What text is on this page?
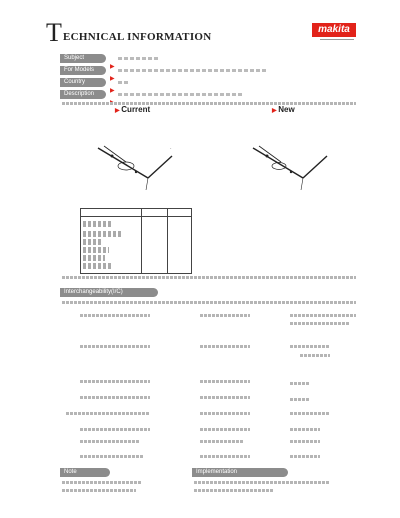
T ECHNICAL INFORMATION
makita
Subject
▶
For Models
▶
Country
▶
Description
▶ Current	▶ New
·
Interchangeability(I/C)
Note	Implementation
